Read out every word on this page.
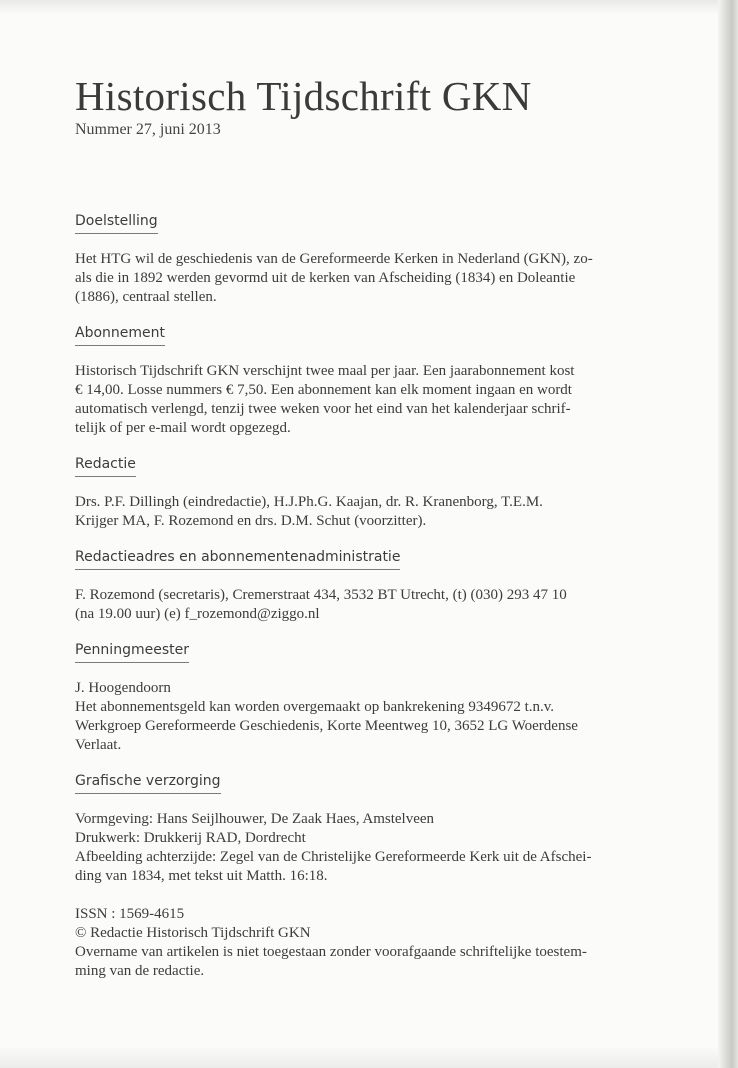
Historisch Tijdschrift GKN

Nummer 27, juni 2013

Doelstelling

Het HTG wil de geschiedenis van de Gereformeerde Kerken in Nederland (GKN), zo-
als die in 1892 werden gevormd uit de kerken van Afscheiding (1834) en Doleantie
(1886), centraal stellen.

Abonnement

Historisch Tijdschrift GKN verschijnt twee maal per jaar. Een jaarabonnement kost
€ 14,00. Losse nummers € 7,50. Een abonnement kan elk moment ingaan en wordt
automatisch verlengd, tenzij twee weken voor het eind van het kalenderjaar schrif-
telijk of per e-mail wordt opgezegd.

Redactie

Drs. P.F. Dillingh (eindredactie), H.J.Ph.G. Kaajan, dr. R. Kranenborg, T.E.M.
Krijger MA, F. Rozemond en drs. D.M. Schut (voorzitter).

Redactieadres en abonnementenadministratie

F. Rozemond (secretaris), Cremerstraat 434, 3532 BT Utrecht, (t) (030) 293 47 10
(na 19.00 uur) (e) f_rozemond@ziggo.nl

Penningmeester

J. Hoogendoorn
Het abonnementsgeld kan worden overgemaakt op bankrekening 9349672 t.n.v.
Werkgroep Gereformeerde Geschiedenis, Korte Meentweg 10, 3652 LG Woerdense
Verlaat.

Grafische verzorging

Vormgeving: Hans Seijlhouwer, De Zaak Haes, Amstelveen
Drukwerk: Drukkerij RAD, Dordrecht
Afbeelding achterzijde: Zegel van de Christelijke Gereformeerde Kerk uit de Afschei-
ding van 1834, met tekst uit Matth. 16:18.

ISSN : 1569-4615
© Redactie Historisch Tijdschrift GKN
Overname van artikelen is niet toegestaan zonder voorafgaande schriftelijke toestem-
ming van de redactie.
